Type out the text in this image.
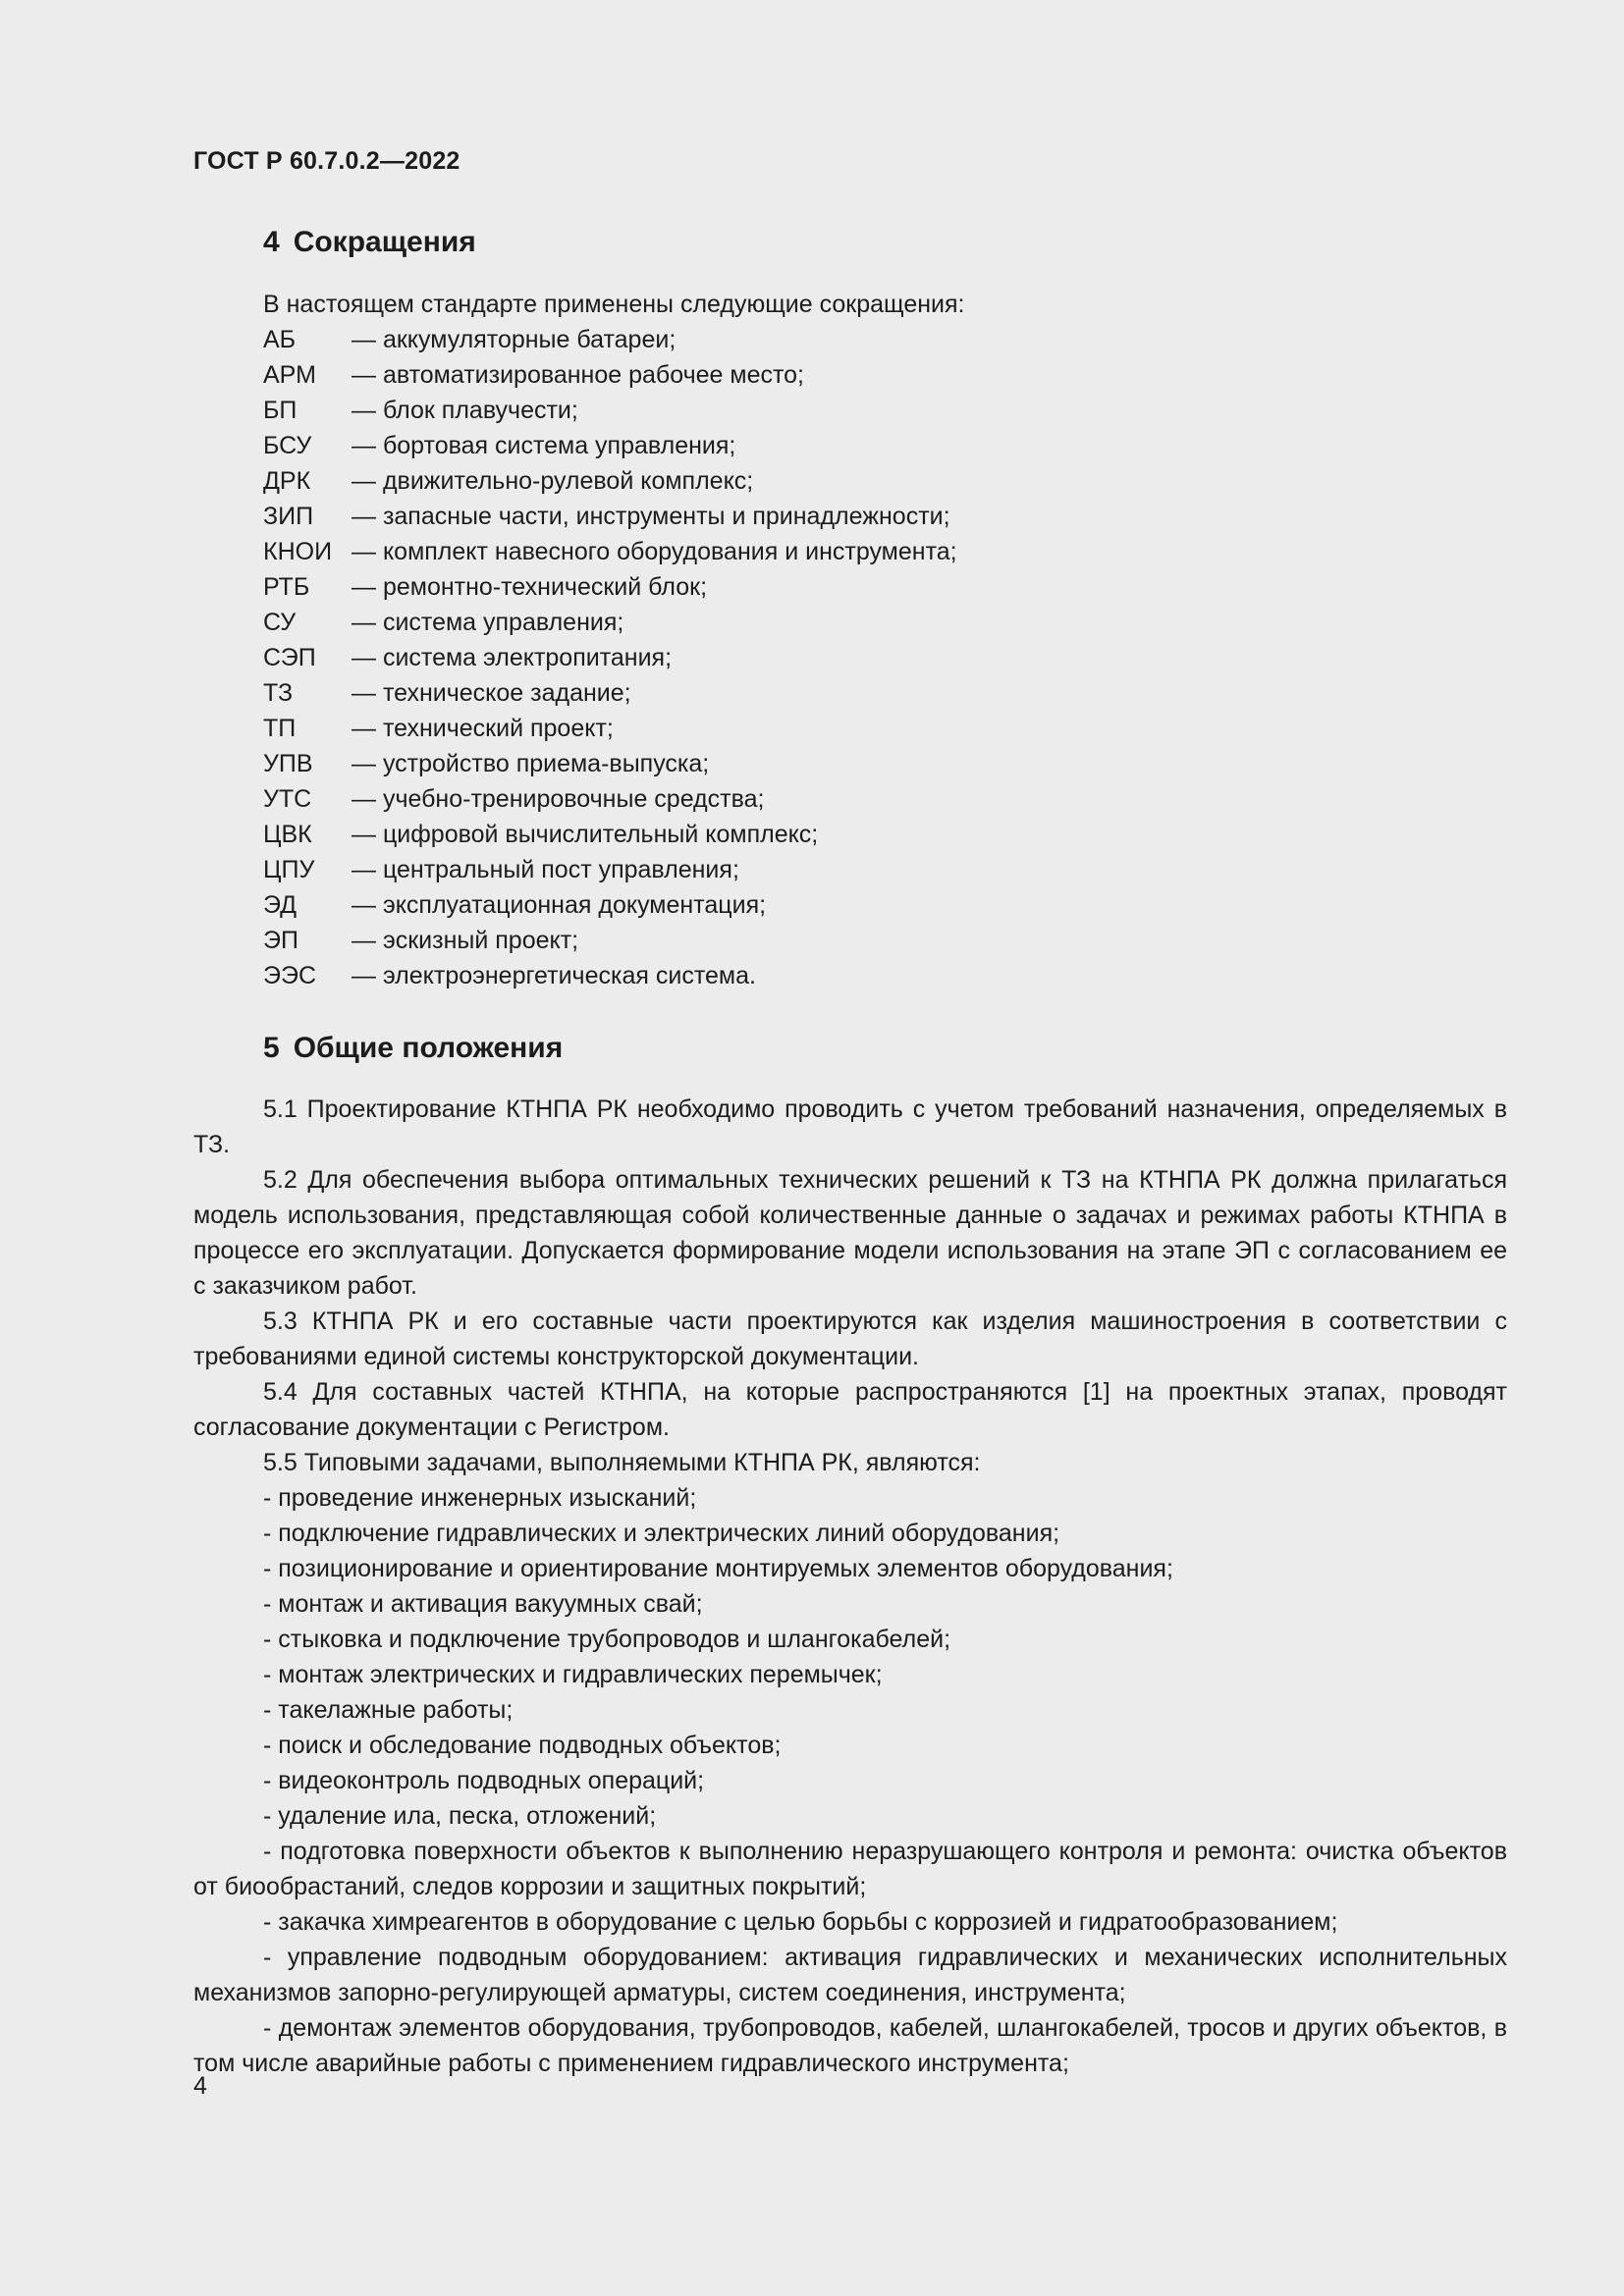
ГОСТ Р 60.7.0.2—2022
4 Сокращения
В настоящем стандарте применены следующие сокращения:
АБ	— аккумуляторные батареи;
АРМ	— автоматизированное рабочее место;
БП	— блок плавучести;
БСУ	— бортовая система управления;
ДРК	— движительно-рулевой комплекс;
ЗИП	— запасные части, инструменты и принадлежности;
КНОИ — комплект навесного оборудования и инструмента;
РТБ	— ремонтно-технический блок;
СУ	— система управления;
СЭП	— система электропитания;
ТЗ	— техническое задание;
ТП	— технический проект;
УПВ	— устройство приема-выпуска;
УТС	— учебно-тренировочные средства;
ЦВК	— цифровой вычислительный комплекс;
ЦПУ	— центральный пост управления;
ЭД	— эксплуатационная документация;
ЭП	— эскизный проект;
ЭЭС	— электроэнергетическая система.
5 Общие положения

5.1 Проектирование КТНПА РК необходимо проводить с учетом требований назначения, определяемых в ТЗ.

5.2 Для обеспечения выбора оптимальных технических решений к ТЗ на КТНПА РК должна прилагаться модель использования, представляющая собой количественные данные о задачах и режимах работы КТНПА в процессе его эксплуатации. Допускается формирование модели использования на этапе ЭП с согласованием ее с заказчиком работ.

5.3 КТНПА РК и его составные части проектируются как изделия машиностроения в соответствии с требованиями единой системы конструкторской документации.

5.4 Для составных частей КТНПА, на которые распространяются [1] на проектных этапах, проводят согласование документации с Регистром.

5.5 Типовыми задачами, выполняемыми КТНПА РК, являются:

- проведение инженерных изысканий;

- подключение гидравлических и электрических линий оборудования;

- позиционирование и ориентирование монтируемых элементов оборудования;

- монтаж и активация вакуумных свай;

- стыковка и подключение трубопроводов и шлангокабелей;

- монтаж электрических и гидравлических перемычек;

- такелажные работы;

- поиск и обследование подводных объектов;

- видеоконтроль подводных операций;

- удаление ила, песка, отложений;

- подготовка поверхности объектов к выполнению неразрушающего контроля и ремонта: очистка объектов от биообрастаний, следов коррозии и защитных покрытий;

- закачка химреагентов в оборудование с целью борьбы с коррозией и гидратообразованием;

- управление подводным оборудованием: активация гидравлических и механических исполнительных механизмов запорно-регулирующей арматуры, систем соединения, инструмента;

- демонтаж элементов оборудования, трубопроводов, кабелей, шлангокабелей, тросов и других объектов, в том числе аварийные работы с применением гидравлического инструмента;

4
